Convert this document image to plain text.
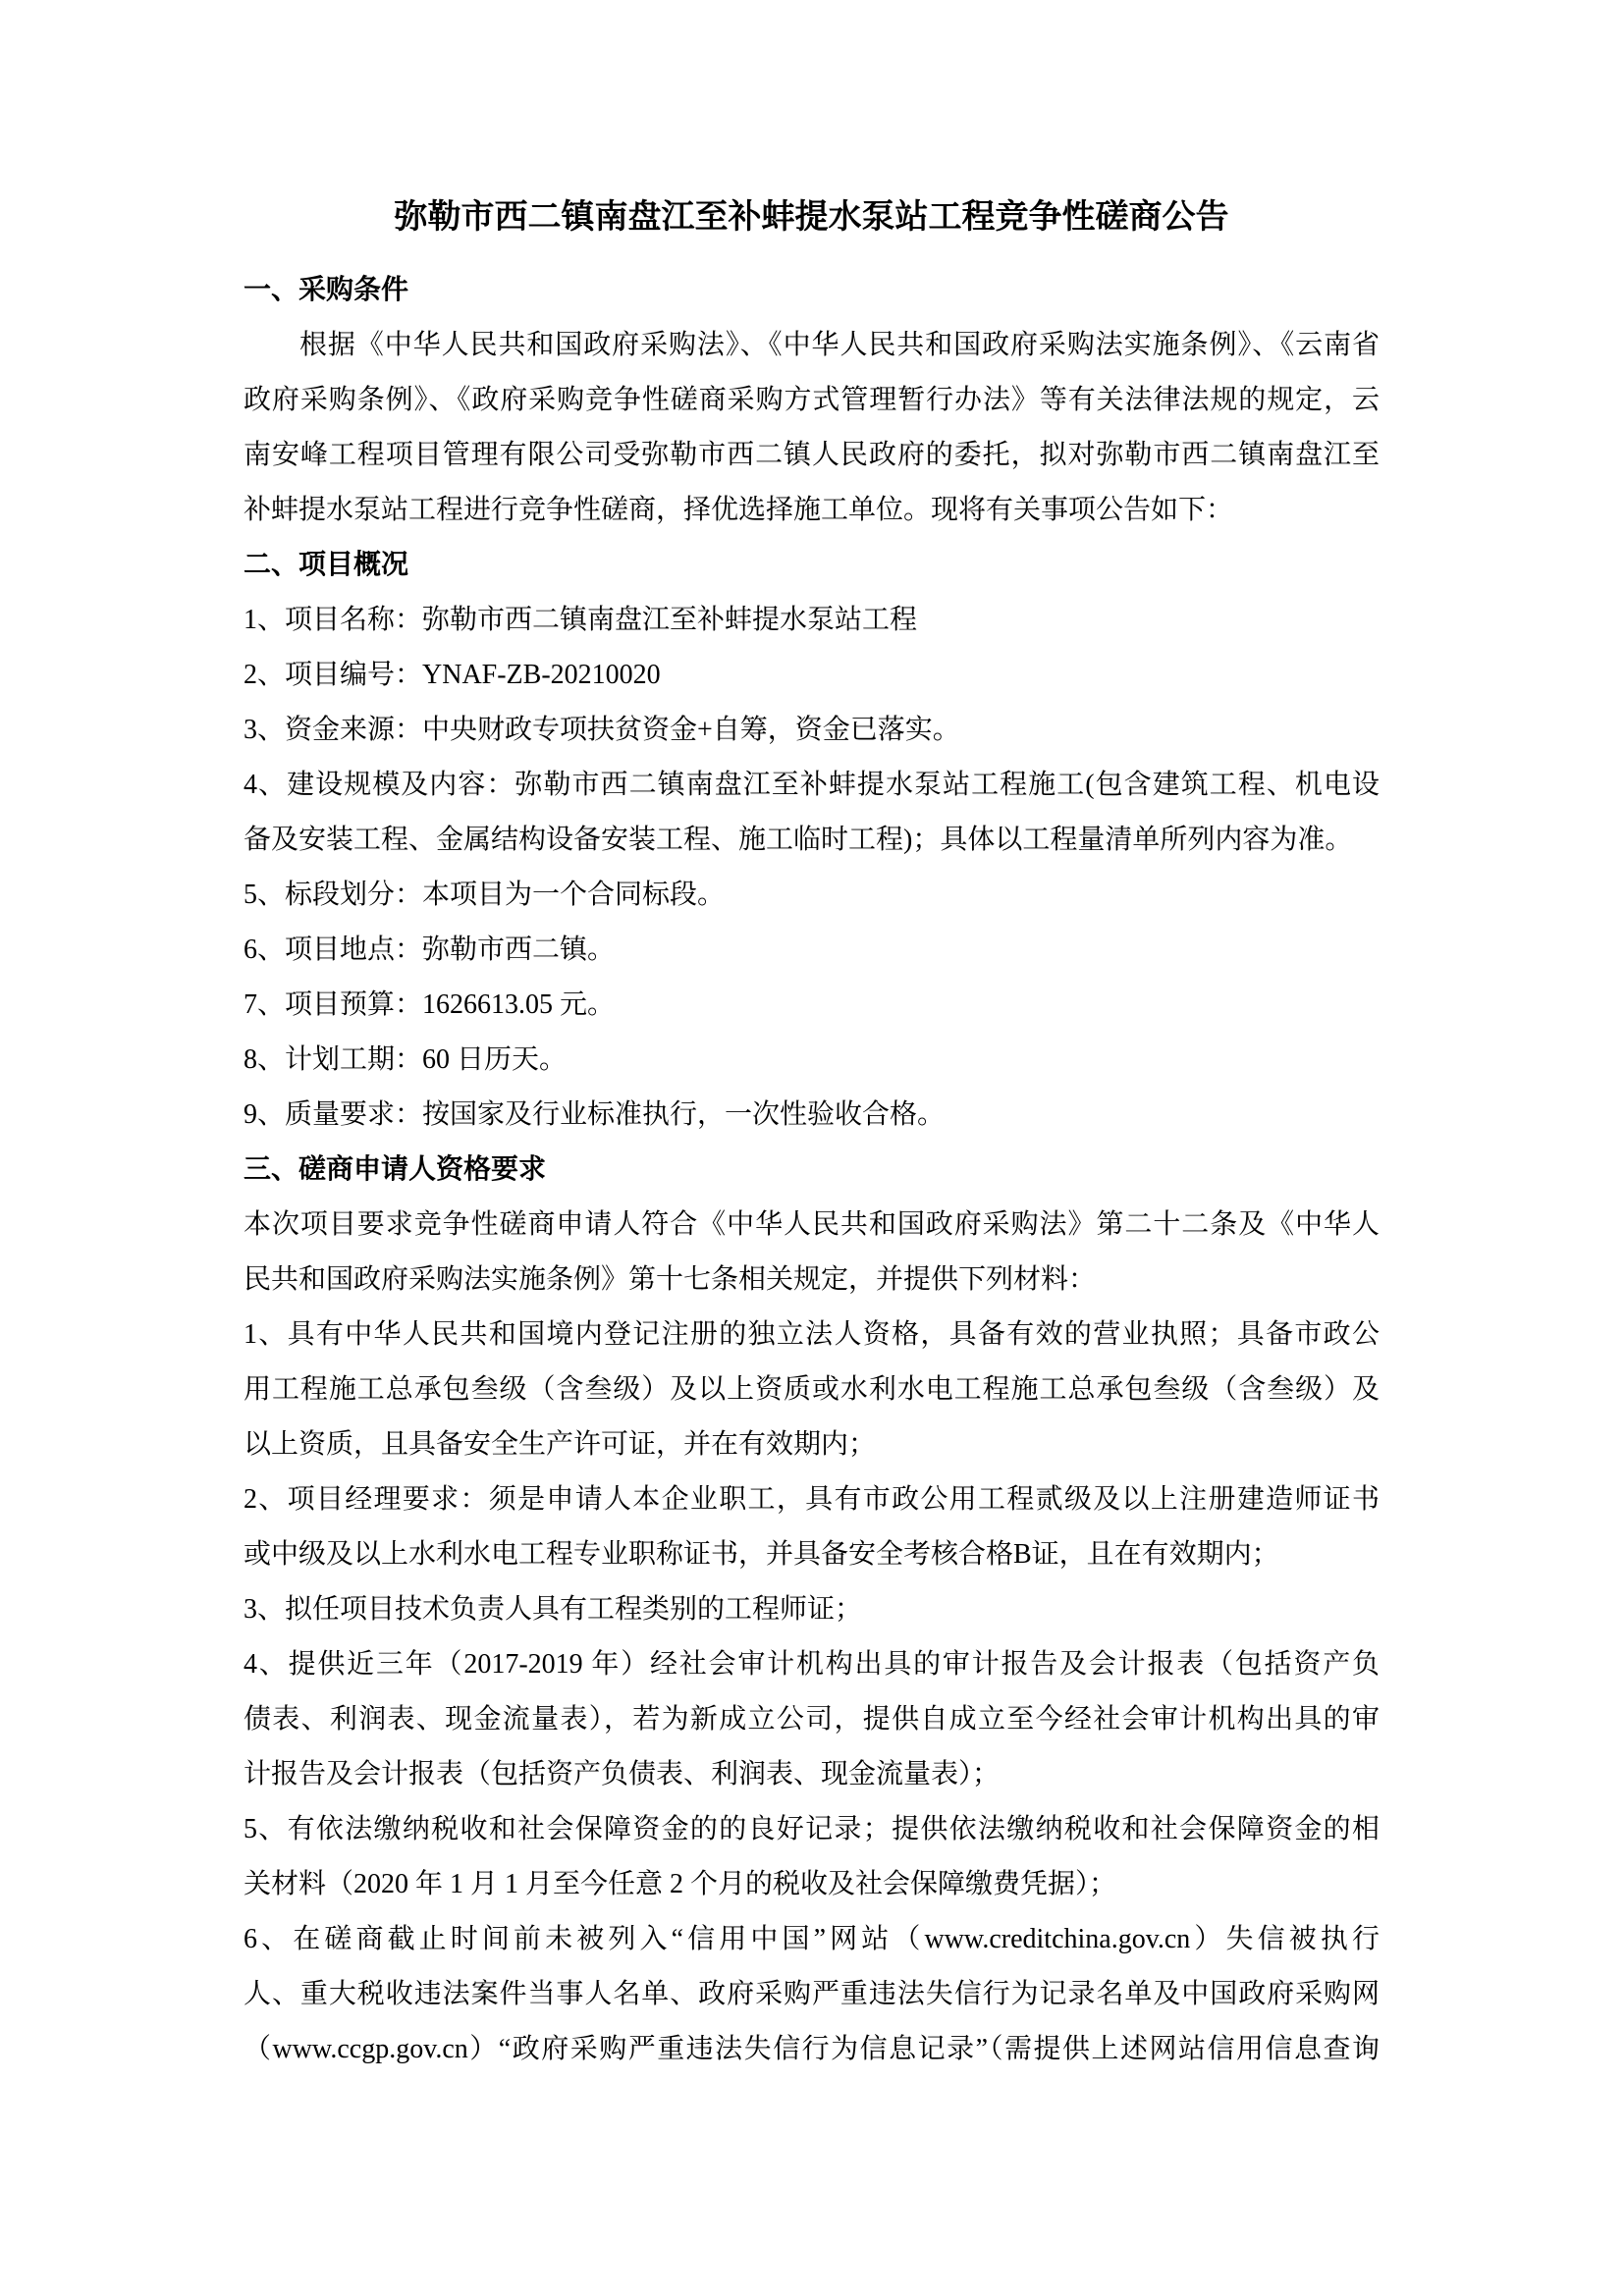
弥勒市西二镇南盘江至补蚌提水泵站工程竞争性磋商公告
一、采购条件
根据《中华人民共和国政府采购法》、《中华人民共和国政府采购法实施条例》、《云南省
政府采购条例》、《政府采购竞争性磋商采购方式管理暂行办法》等有关法律法规的规定，云
南安峰工程项目管理有限公司受弥勒市西二镇人民政府的委托，拟对弥勒市西二镇南盘江至
补蚌提水泵站工程进行竞争性磋商，择优选择施工单位。现将有关事项公告如下：
二、项目概况
1、项目名称：弥勒市西二镇南盘江至补蚌提水泵站工程
2、项目编号：YNAF-ZB-20210020
3、资金来源：中央财政专项扶贫资金+自筹，资金已落实。
4、建设规模及内容：弥勒市西二镇南盘江至补蚌提水泵站工程施工(包含建筑工程、机电设
备及安装工程、金属结构设备安装工程、施工临时工程)；具体以工程量清单所列内容为准。
5、标段划分：本项目为一个合同标段。
6、项目地点：弥勒市西二镇。
7、项目预算：1626613.05 元。
8、计划工期：60 日历天。
9、质量要求：按国家及行业标准执行，一次性验收合格。
三、磋商申请人资格要求
本次项目要求竞争性磋商申请人符合《中华人民共和国政府采购法》第二十二条及《中华人
民共和国政府采购法实施条例》第十七条相关规定，并提供下列材料：
1、具有中华人民共和国境内登记注册的独立法人资格，具备有效的营业执照；具备市政公
用工程施工总承包叁级（含叁级）及以上资质或水利水电工程施工总承包叁级（含叁级）及
以上资质，且具备安全生产许可证，并在有效期内；
2、项目经理要求：须是申请人本企业职工，具有市政公用工程贰级及以上注册建造师证书
或中级及以上水利水电工程专业职称证书，并具备安全考核合格B证，且在有效期内；
3、拟任项目技术负责人具有工程类别的工程师证；
4、提供近三年（2017-2019 年）经社会审计机构出具的审计报告及会计报表（包括资产负
债表、利润表、现金流量表），若为新成立公司，提供自成立至今经社会审计机构出具的审
计报告及会计报表（包括资产负债表、利润表、现金流量表）；
5、有依法缴纳税收和社会保障资金的的良好记录；提供依法缴纳税收和社会保障资金的相
关材料（2020 年 1 月 1 月至今任意 2 个月的税收及社会保障缴费凭据）；
6、在磋商截止时间前未被列入“信用中国”网站（www.creditchina.gov.cn）失信被执行
人、重大税收违法案件当事人名单、政府采购严重违法失信行为记录名单及中国政府采购网
（www.ccgp.gov.cn）“政府采购严重违法失信行为信息记录”（需提供上述网站信用信息查询
